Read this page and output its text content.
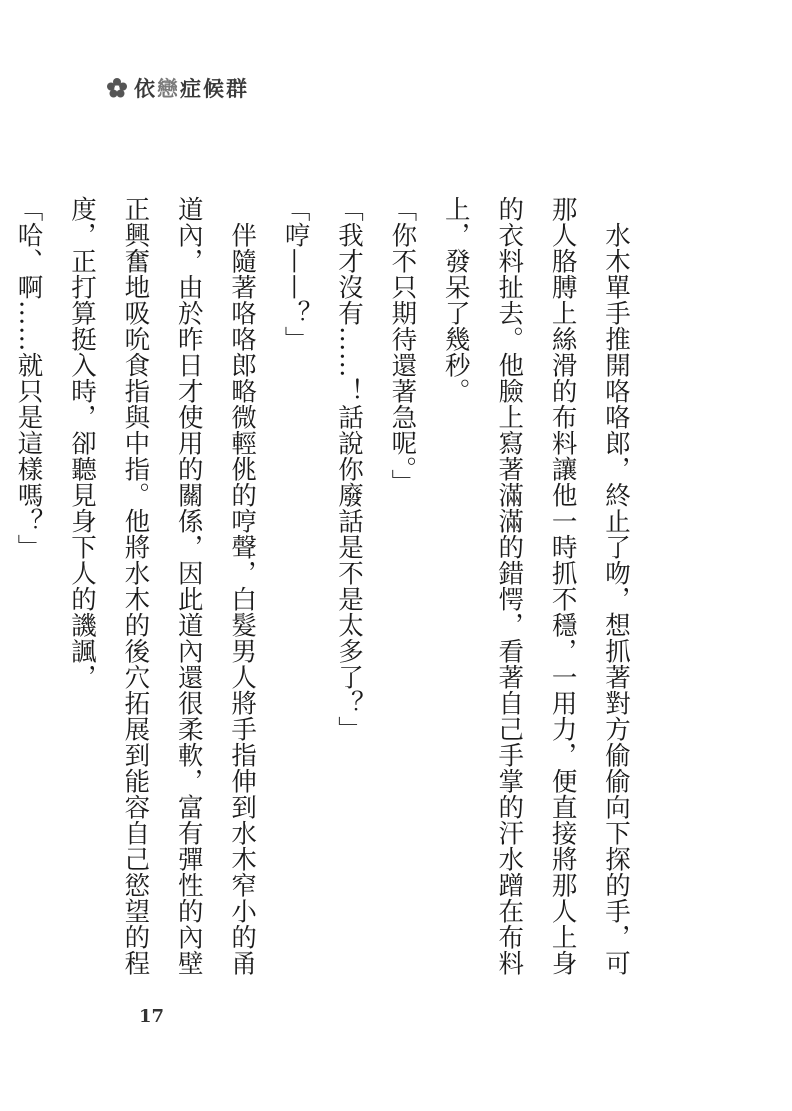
依戀症候群

　水木單手推開咯咯郎，終止了吻，想抓著對方偷偷向下探的手，可那人胳膊上絲滑的布料讓他一時抓不穩，一用力，便直接將那人上身的衣料扯去。他臉上寫著滿滿的錯愕，看著自己手掌的汗水蹭在布料上，發呆了幾秒。

「你不只期待還著急呢。」

「我才沒有……！話說你廢話是不是太多了？」

「哼——？」

　伴隨著咯咯郎略微輕佻的哼聲，白髮男人將手指伸到水木窄小的甬道內，由於昨日才使用的關係，因此道內還很柔軟，富有彈性的內壁正興奮地吸吮食指與中指。他將水木的後穴拓展到能容自己慾望的程度，正打算挺入時，卻聽見身下人的譏諷，

「哈、啊……就只是這樣嗎？」

17
